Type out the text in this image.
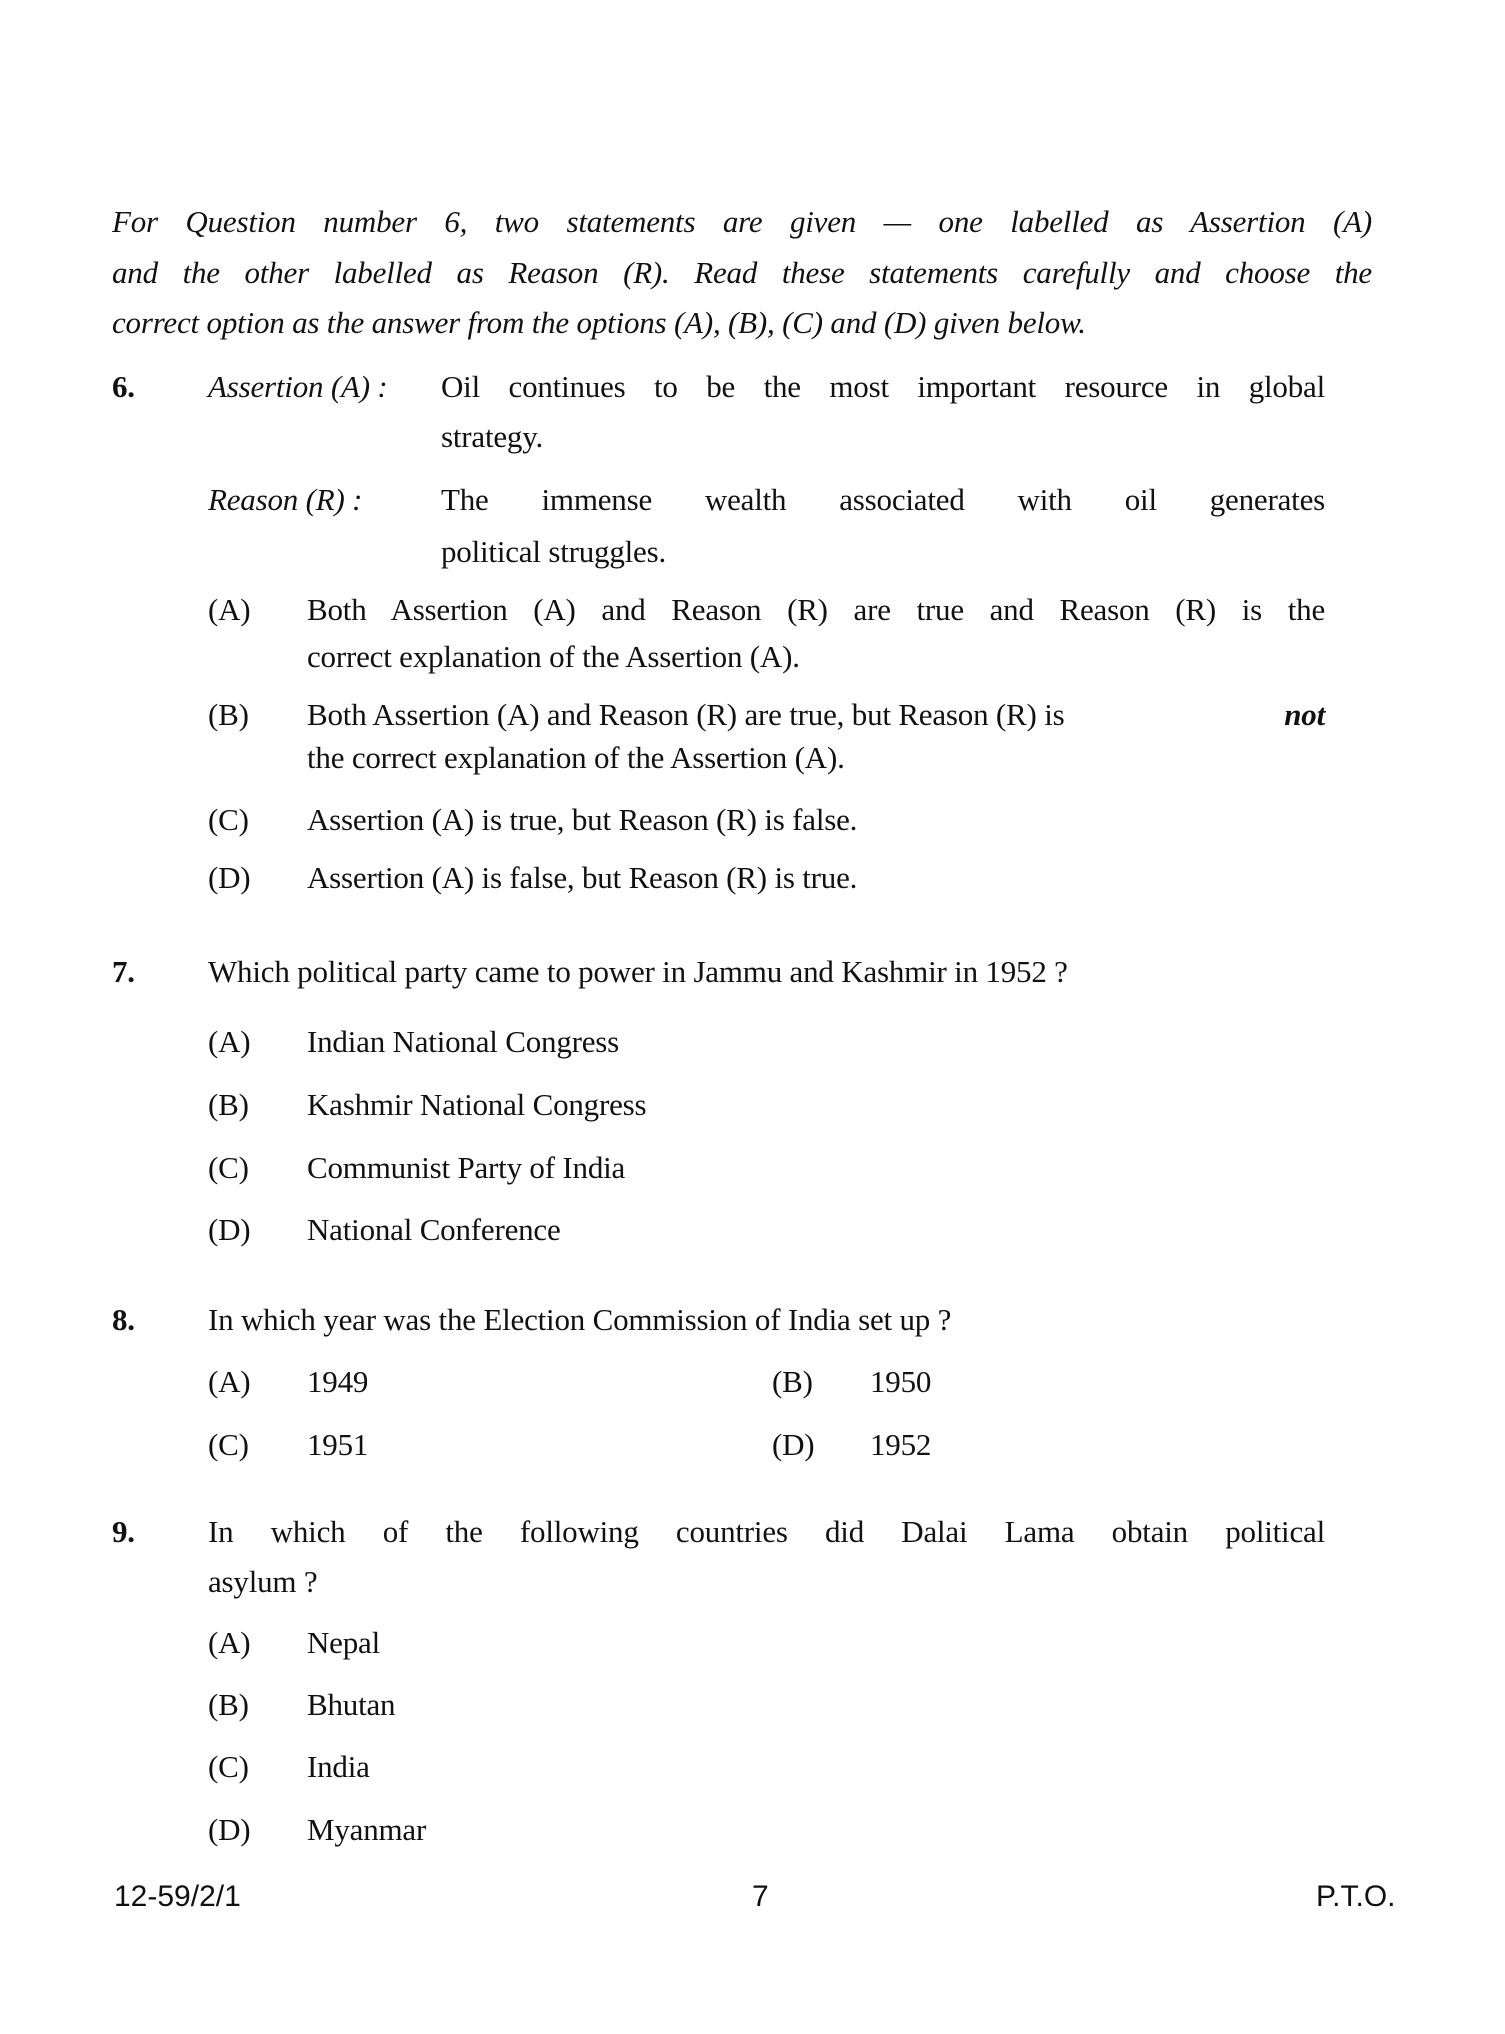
For Question number 6, two statements are given — one labelled as Assertion (A)
and the other labelled as Reason (R). Read these statements carefully and choose the
correct option as the answer from the options (A), (B), (C) and (D) given below.
6. Assertion (A) : Oil continues to be the most important resource in global
strategy.
Reason (R) :	The immense wealth associated with oil generates
political struggles.
(A) Both Assertion (A) and Reason (R) are true and Reason (R) is the
correct explanation of the Assertion (A).
(B) Both Assertion (A) and Reason (R) are true, but Reason (R) is	not
the correct explanation of the Assertion (A).
(C) Assertion (A) is true, but Reason (R) is false.
(D) Assertion (A) is false, but Reason (R) is true.
7. Which political party came to power in Jammu and Kashmir in 1952 ?
(A) Indian National Congress
(B) Kashmir National Congress
(C) Communist Party of India
(D) National Conference
8. In which year was the Election Commission of India set up ?
(A) 1949	(B) 1950
(C) 1951	(D) 1952
9. In which of the following countries did Dalai Lama obtain political
asylum ?
(A) Nepal
(B) Bhutan
(C) India
(D) Myanmar
12-59/2/1	7	P.T.O.
